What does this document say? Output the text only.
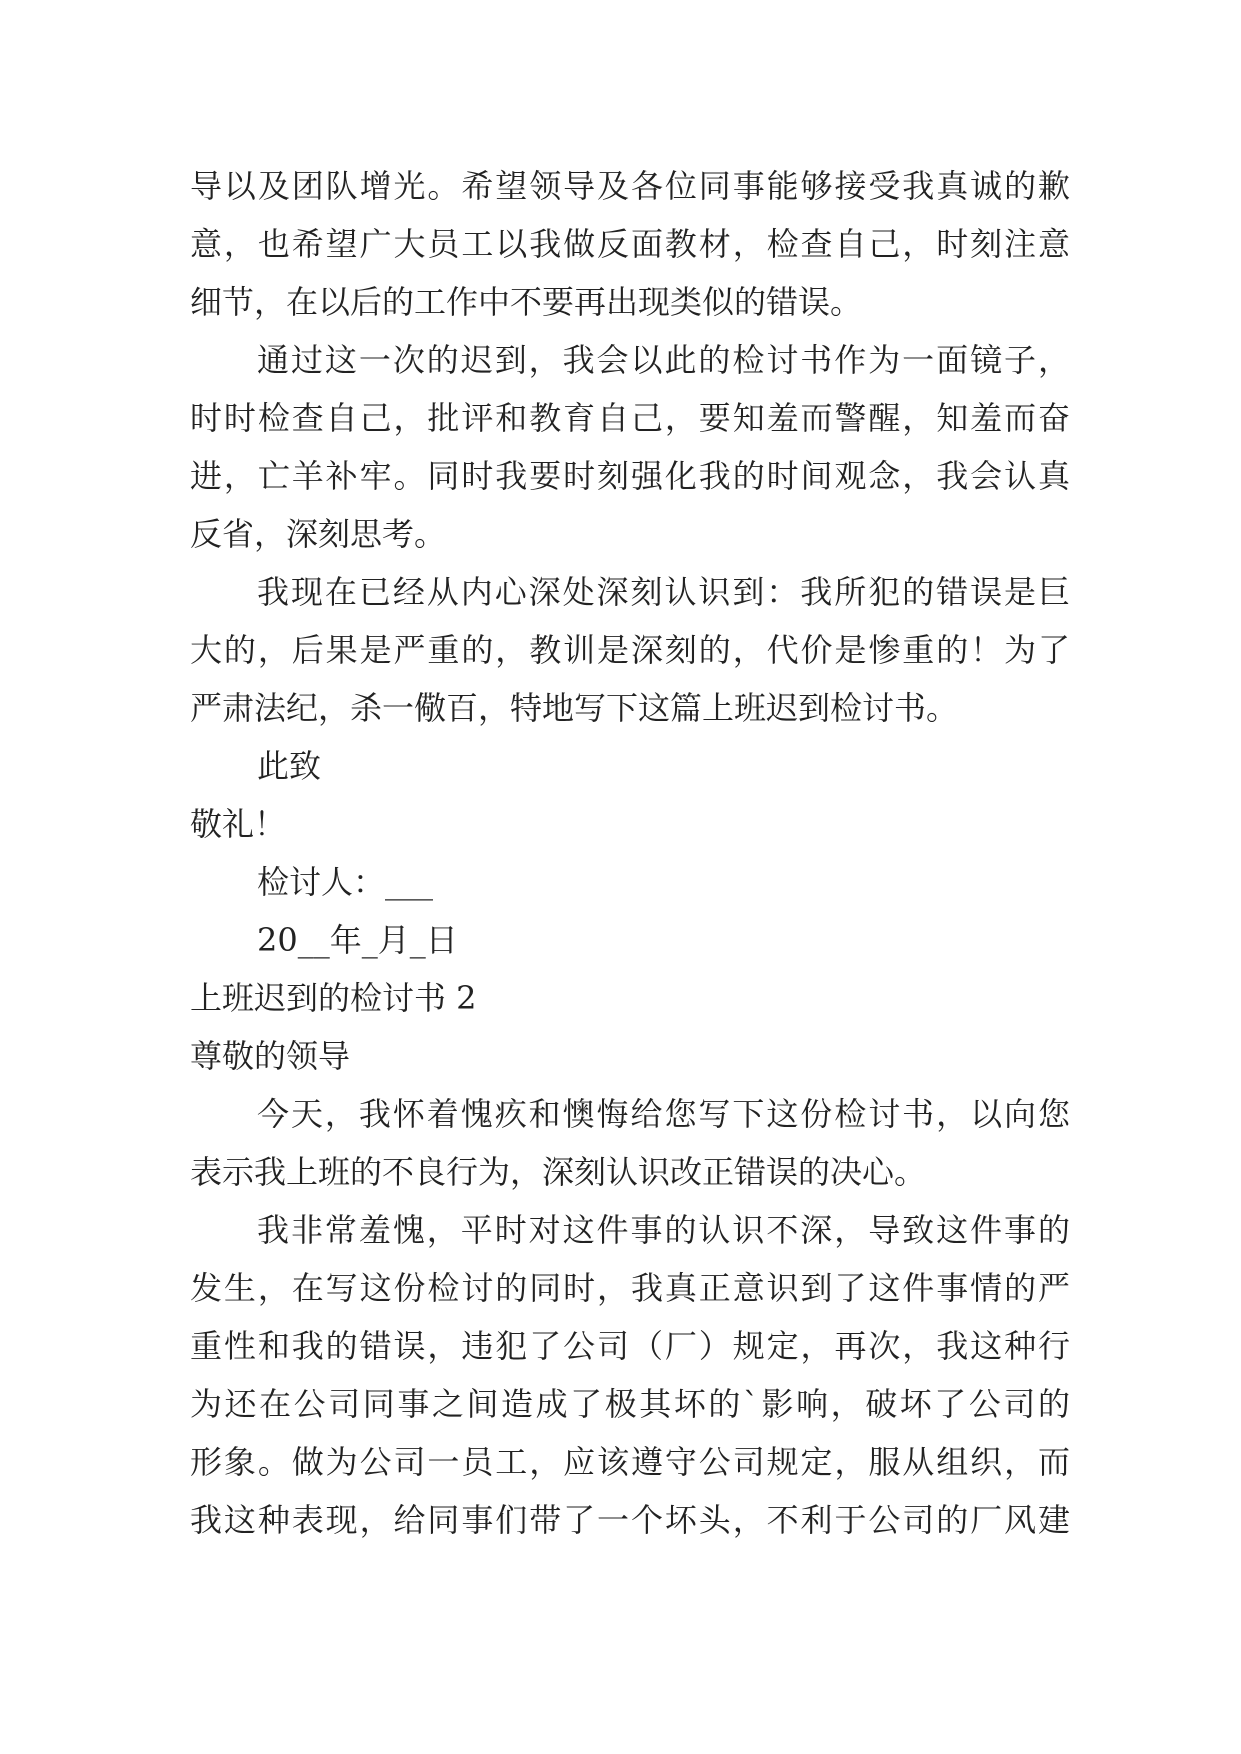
导以及团队增光。希望领导及各位同事能够接受我真诚的歉
意，也希望广大员工以我做反面教材，检查自己，时刻注意
细节，在以后的工作中不要再出现类似的错误。
通过这一次的迟到，我会以此的检讨书作为一面镜子，
时时检查自己，批评和教育自己，要知羞而警醒，知羞而奋
进，亡羊补牢。同时我要时刻强化我的时间观念，我会认真
反省，深刻思考。
我现在已经从内心深处深刻认识到：我所犯的错误是巨
大的，后果是严重的，教训是深刻的，代价是惨重的！为了
严肃法纪，杀一儆百，特地写下这篇上班迟到检讨书。
此致
敬礼！
检讨人：___
20__年_月_日
上班迟到的检讨书 2
尊敬的领导
今天，我怀着愧疚和懊悔给您写下这份检讨书，以向您
表示我上班的不良行为，深刻认识改正错误的决心。
我非常羞愧，平时对这件事的认识不深，导致这件事的
发生，在写这份检讨的同时，我真正意识到了这件事情的严
重性和我的错误，违犯了公司（厂）规定，再次，我这种行
为还在公司同事之间造成了极其坏的`影响，破坏了公司的
形象。做为公司一员工，应该遵守公司规定，服从组织，而
我这种表现，给同事们带了一个坏头，不利于公司的厂风建
